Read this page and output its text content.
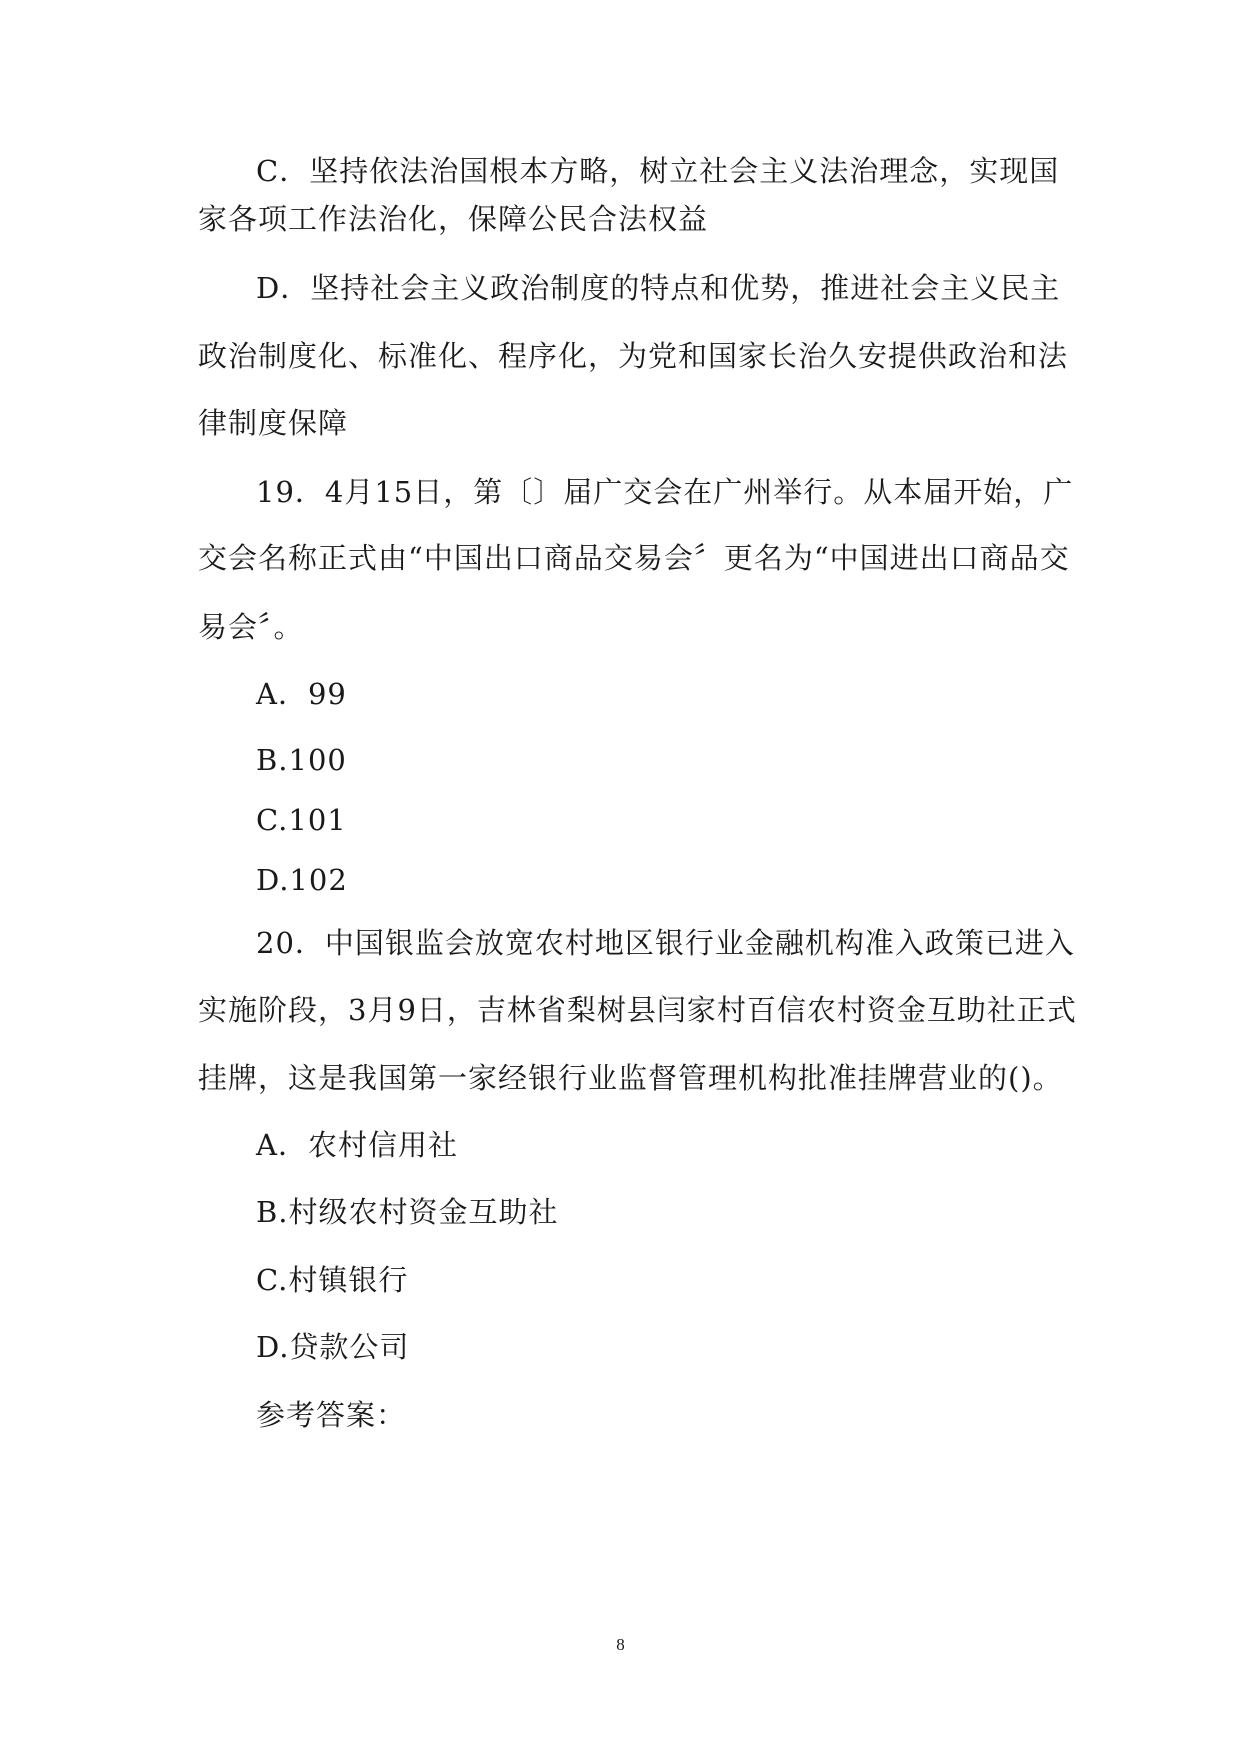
C．坚持依法治国根本方略，树立社会主义法治理念，实现国
家各项工作法治化，保障公民合法权益
D．坚持社会主义政治制度的特点和优势，推进社会主义民主
政治制度化、标准化、程序化，为党和国家长治久安提供政治和法
律制度保障
19．4月15日，第〔〕届广交会在广州举行。从本届开始，广
交会名称正式由“中国出口商品交易会〞更名为“中国进出口商品交
易会〞。
A．99
B.100
C.101
D.102
20．中国银监会放宽农村地区银行业金融机构准入政策已进入
实施阶段，3月9日，吉林省梨树县闫家村百信农村资金互助社正式
挂牌，这是我国第一家经银行业监督管理机构批准挂牌营业的()。
A．农村信用社
B.村级农村资金互助社
C.村镇银行
D.贷款公司
参考答案：
8
